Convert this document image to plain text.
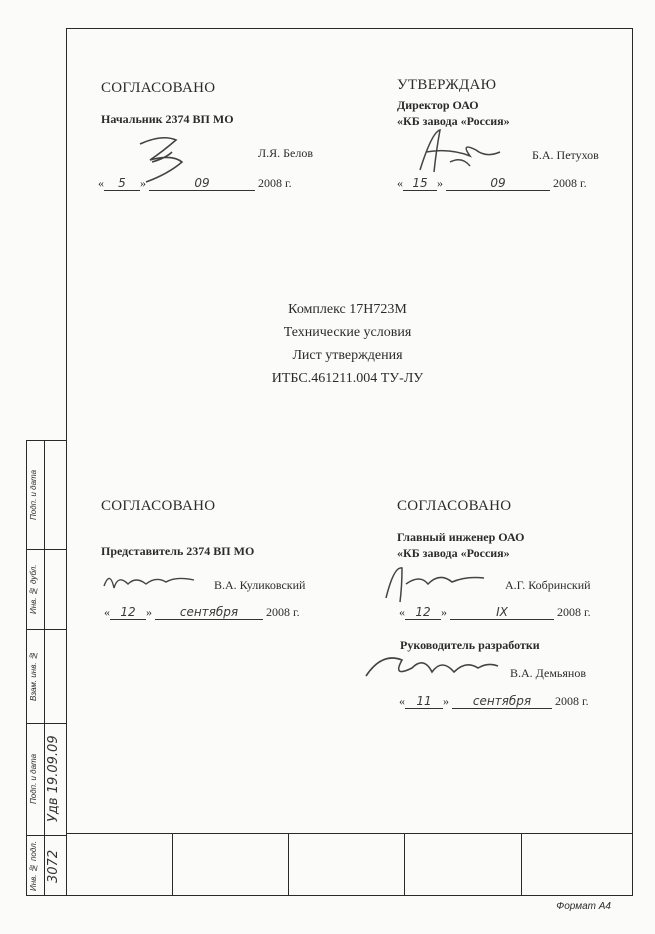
СОГЛАСОВАНО
Начальник 2374 ВП МО
Л.Я. Белов
« 5 »	09	2008 г.
УТВЕРЖДАЮ
Директор ОАО
«КБ завода «Россия»
Б.А. Петухов
« 15 »	09	2008 г.
Комплекс 17Н723М
Технические условия
Лист утверждения
ИТБС.461211.004 ТУ-ЛУ
СОГЛАСОВАНО
Представитель 2374 ВП МО
В.А. Куликовский
« 12 » сентября 2008 г.
СОГЛАСОВАНО
Главный инженер ОАО
«КБ завода «Россия»
А.Г. Кобринский
« 12 »	IX	2008 г.
Руководитель разработки
В.А. Демьянов
« 11 » сентября 2008 г.
Подп. и дата
Инв. № дубл.
Взам. инв. №
Подп. и дата Удв 19.09.09
Инв. № подл. 3072
Формат А4
